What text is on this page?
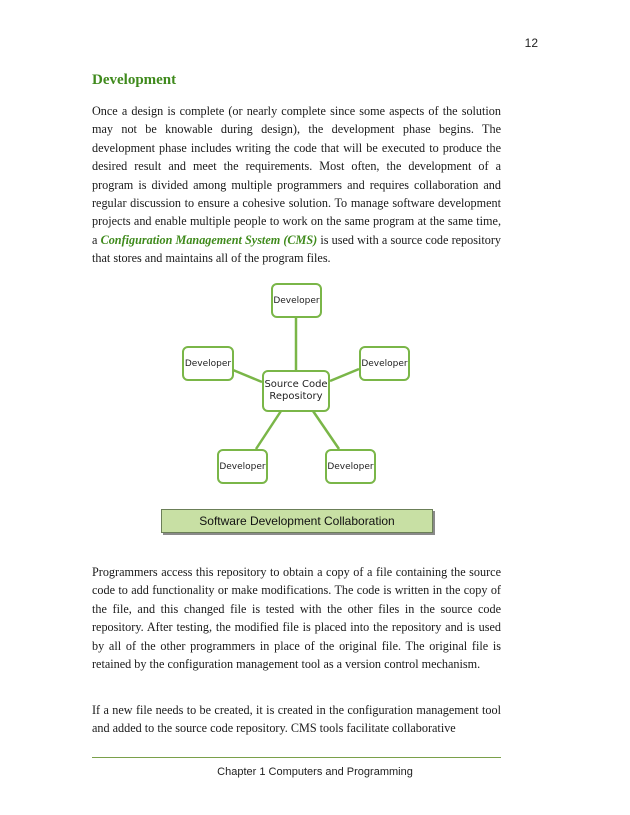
12
Development

Once a design is complete (or nearly complete since some aspects of the solution may not be knowable during design), the development phase begins. The development phase includes writing the code that will be executed to produce the desired result and meet the requirements. Most often, the development of a program is divided among multiple programmers and requires collaboration and regular discussion to ensure a cohesive solution. To manage software development projects and enable multiple people to work on the same program at the same time, a Configuration Management System (CMS) is used with a source code repository that stores and maintains all of the program files.

Developer
Developer	Developer
Source Code
Repository
Developer	Developer
Software Development Collaboration

Programmers access this repository to obtain a copy of a file containing the source code to add functionality or make modifications. The code is written in the copy of the file, and this changed file is tested with the other files in the source code repository. After testing, the modified file is placed into the repository and is used by all of the other programmers in place of the original file. The original file is retained by the configuration management tool as a version control mechanism.

If a new file needs to be created, it is created in the configuration management tool and added to the source code repository. CMS tools facilitate collaborative

Chapter 1 Computers and Programming
